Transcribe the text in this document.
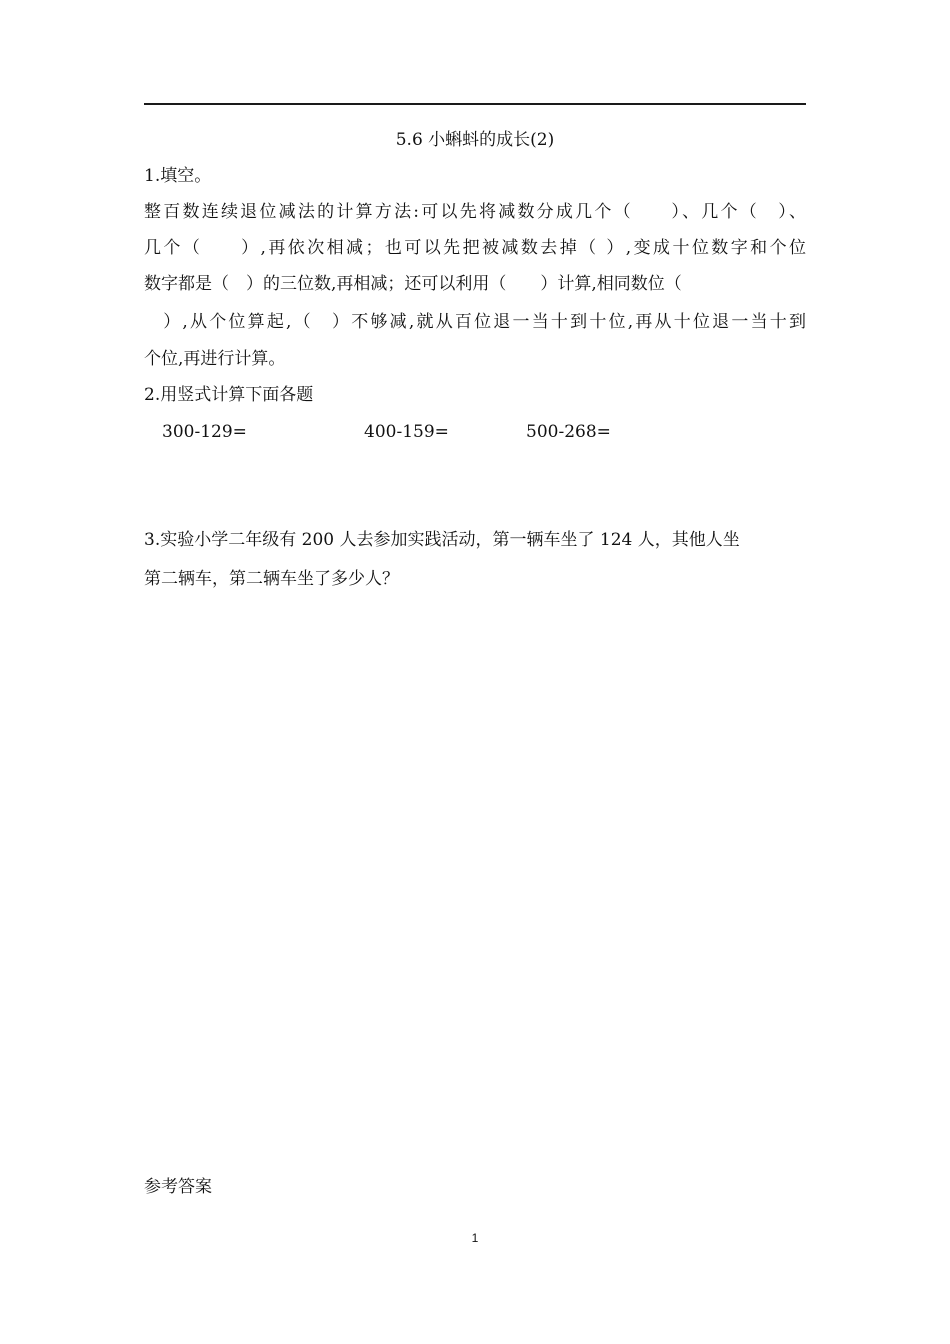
5.6 小蝌蚪的成长(2)
1.填空。
整百数连续退位减法的计算方法:可以先将减数分成几个（　　）、几个（　）、
几个（　　）,再依次相减；也可以先把被减数去掉（ ）,变成十位数字和个位
数字都是（　）的三位数,再相减；还可以利用（　　）计算,相同数位（
　）,从个位算起,（　）不够减,就从百位退一当十到十位,再从十位退一当十到
个位,再进行计算。
2.用竖式计算下面各题
300-129=	400-159=	500-268=
3.实验小学二年级有 200 人去参加实践活动，第一辆车坐了 124 人，其他人坐
第二辆车，第二辆车坐了多少人？
参考答案
1
